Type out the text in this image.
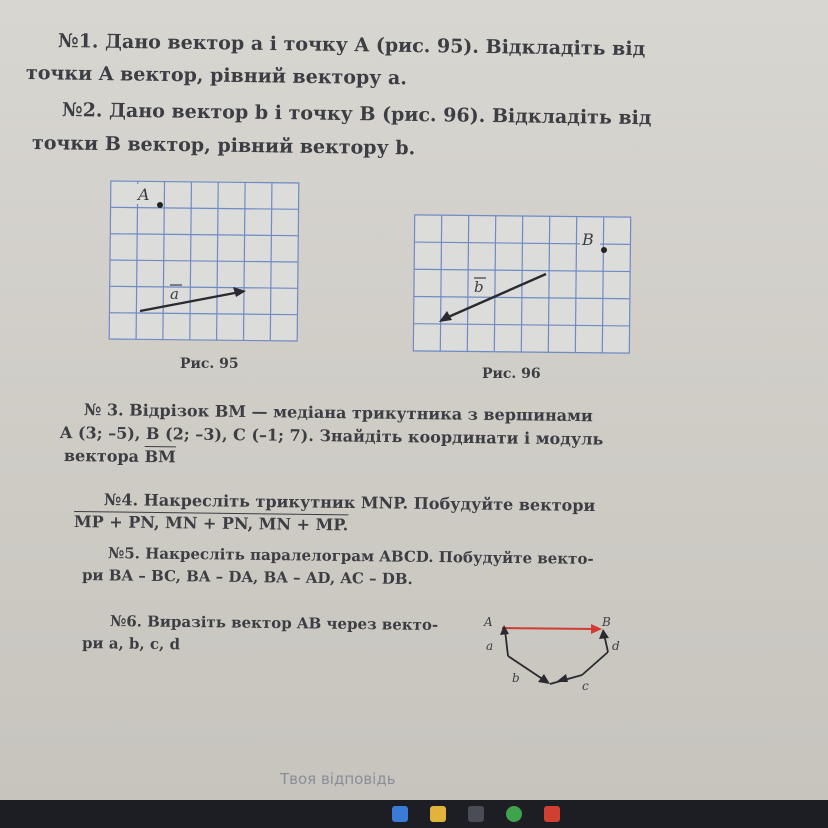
№1. Дано вектор a і точку A (рис. 95). Відкладіть від
точки A вектор, рівний вектору a.
№2. Дано вектор b і точку B (рис. 96). Відкладіть від
точки B вектор, рівний вектору b.
A
a
Рис. 95
B
b
Рис. 96
№ 3. Відрізок BM — медіана трикутника з вершинами
A (3; –5), B (2; –3), C (–1; 7). Знайдіть координати і модуль
вектора $\overline{BM}$
№4. Накресліть трикутник MNP. Побудуйте вектори
MP + PN, MN + PN, MN + MP.
№5. Накресліть паралелограм ABCD. Побудуйте векто-
ри BA – BC, BA – DA, BA – AD, AC – DB.
№6. Виразіть вектор AB через векто-
ри a, b, c, d
A	B
a
b
c
d
Твоя відповідь
